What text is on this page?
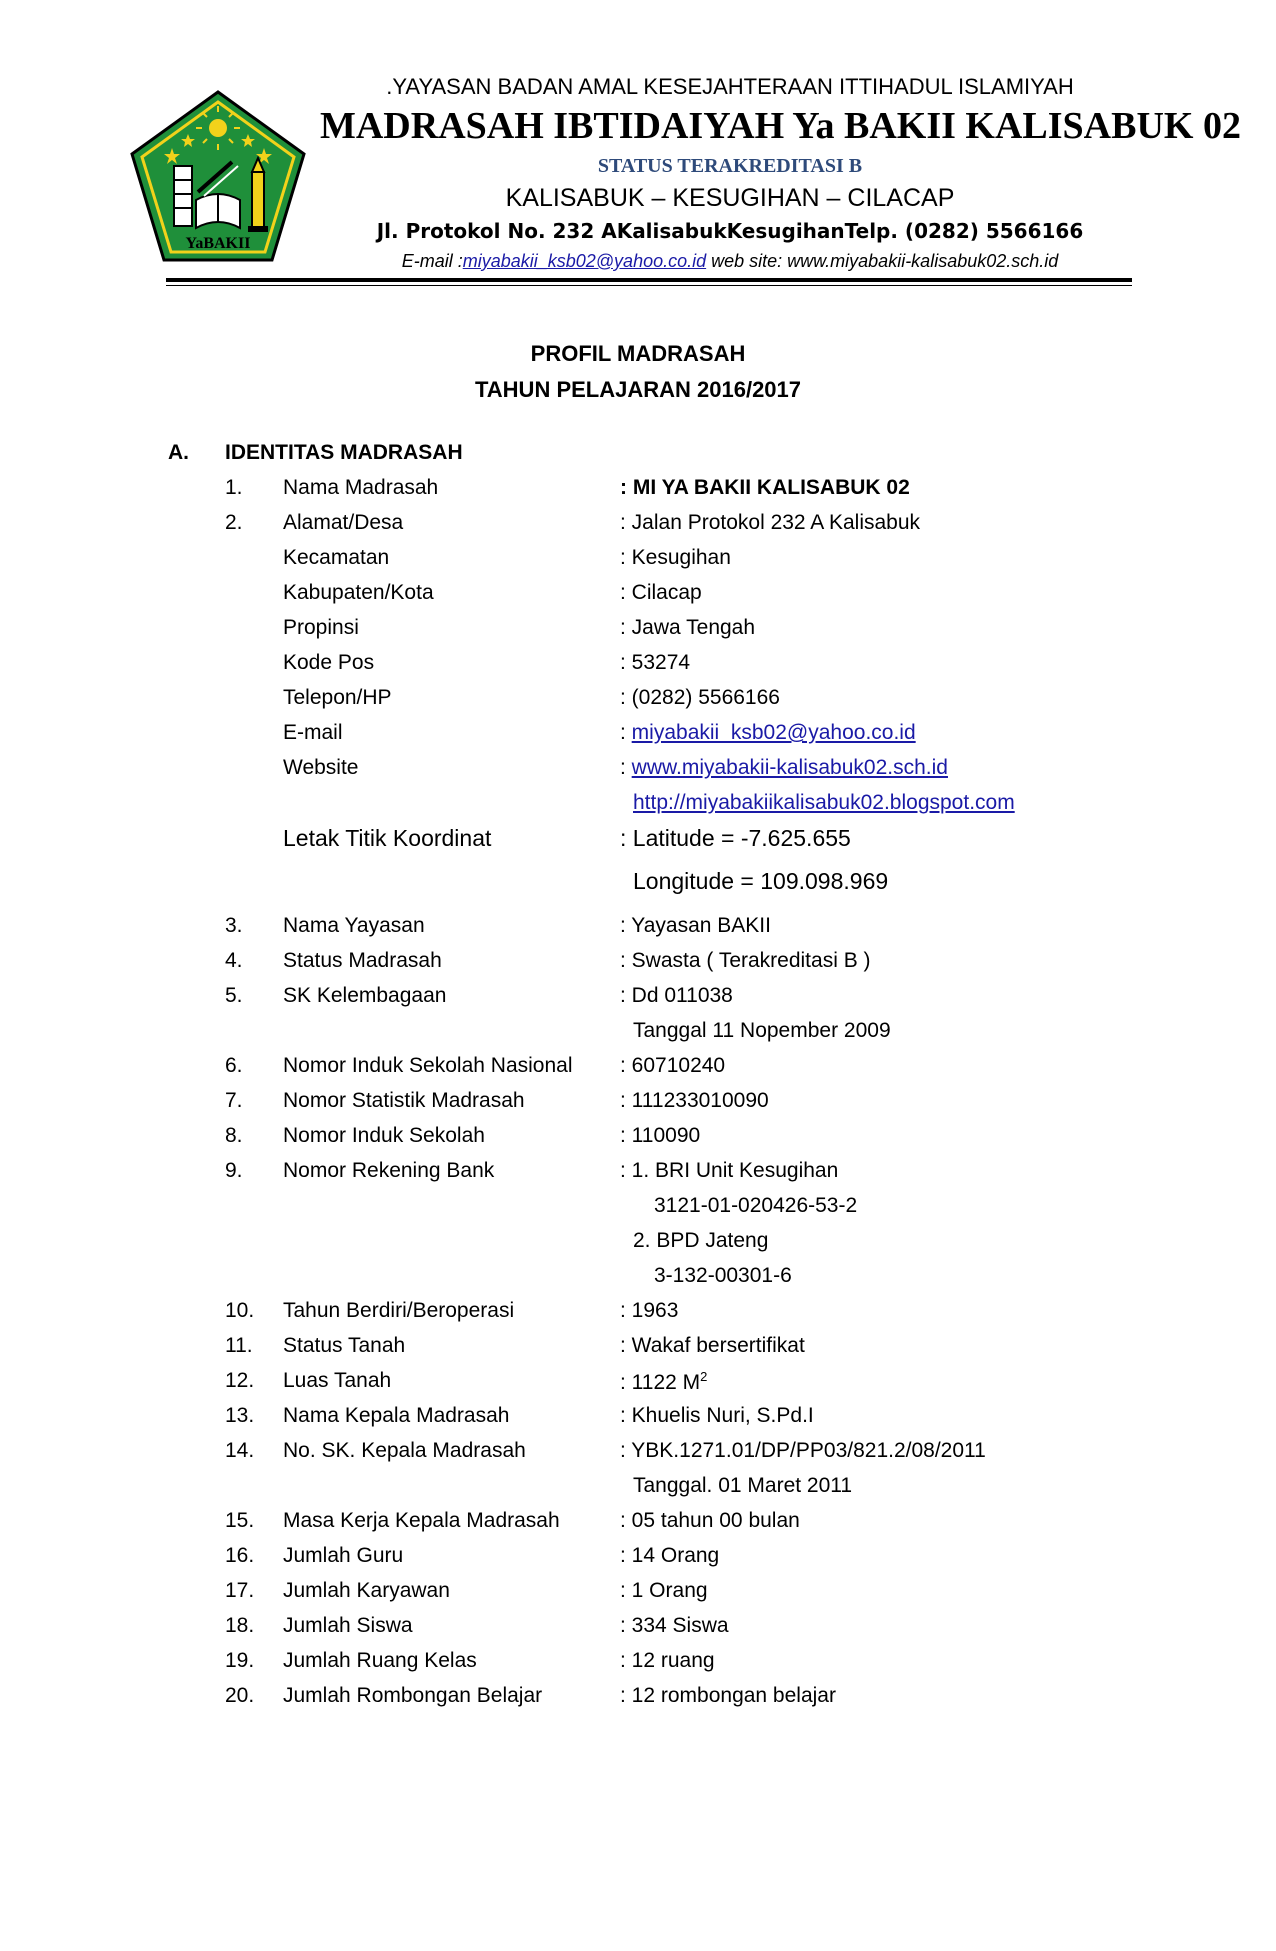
YaBAKII
.YAYASAN BADAN AMAL KESEJAHTERAAN ITTIHADUL ISLAMIYAH
MADRASAH IBTIDAIYAH Ya BAKII KALISABUK 02
STATUS TERAKREDITASI B
KALISABUK – KESUGIHAN – CILACAP
Jl. Protokol No. 232 AKalisabukKesugihanTelp. (0282) 5566166
E-mail :miyabakii_ksb02@yahoo.co.id web site: www.miyabakii-kalisabuk02.sch.id
PROFIL MADRASAH
TAHUN PELAJARAN 2016/2017
A. IDENTITAS MADRASAH
1. Nama Madrasah	: MI YA BAKII KALISABUK 02
2. Alamat/Desa	: Jalan Protokol 232 A Kalisabuk
Kecamatan	: Kesugihan
Kabupaten/Kota	: Cilacap
Propinsi	: Jawa Tengah
Kode Pos	: 53274
Telepon/HP	: (0282) 5566166
E-mail	: miyabakii_ksb02@yahoo.co.id
Website	: www.miyabakii-kalisabuk02.sch.id
http://miyabakiikalisabuk02.blogspot.com
Letak Titik Koordinat	: Latitude = -7.625.655
Longitude = 109.098.969
3. Nama Yayasan	: Yayasan BAKII
4. Status Madrasah	: Swasta ( Terakreditasi B )
5. SK Kelembagaan	: Dd 011038
Tanggal 11 Nopember 2009
6. Nomor Induk Sekolah Nasional : 60710240
7. Nomor Statistik Madrasah	: 111233010090
8. Nomor Induk Sekolah	: 110090
9. Nomor Rekening Bank	: 1. BRI Unit Kesugihan
3121-01-020426-53-2
2. BPD Jateng
3-132-00301-6
10. Tahun Berdiri/Beroperasi	: 1963
11. Status Tanah	: Wakaf bersertifikat
12. Luas Tanah	: 1122 $M^2$
13. Nama Kepala Madrasah	: Khuelis Nuri, S.Pd.I
14. No. SK. Kepala Madrasah	: YBK.1271.01/DP/PP03/821.2/08/2011
Tanggal. 01 Maret 2011
15. Masa Kerja Kepala Madrasah	: 05 tahun 00 bulan
16. Jumlah Guru	: 14 Orang
17. Jumlah Karyawan	: 1 Orang
18. Jumlah Siswa	: 334 Siswa
19. Jumlah Ruang Kelas	: 12 ruang
20. Jumlah Rombongan Belajar	: 12 rombongan belajar
